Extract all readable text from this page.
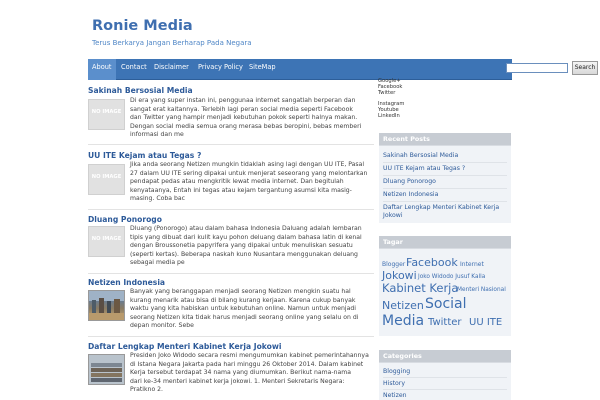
Ronie Media
Terus Berkarya Jangan Berharap Pada Negara
About	Contact	Disclaimer	Privacy Policy SiteMap	Search
Sakinah Bersosial Media
NO IMAGE
Di era yang super instan ini, penggunaa internet sangatlah berperan dan
sangat erat kaitannya. Terlebih lagi peran social media seperti Facebook
dan Twitter yang hampir menjadi kebutuhan pokok seperti halnya makan.
Dengan social media semua orang merasa bebas beropini, bebas memberi
informasi dan me
UU ITE Kejam atau Tegas ?
NO IMAGE
Jika anda seorang Netizen mungkin tidaklah asing lagi dengan UU ITE, Pasal
27 dalam UU ITE sering dipakai untuk menjerat seseorang yang melontarkan
pendapat pedas atau mengkritik lewat media internet. Dan begitulah
kenyataanya, Entah ini tegas atau kejam tergantung asumsi kita masig-
masing. Coba bac
Dluang Ponorogo
NO IMAGE
Dluang (Ponorogo) atau dalam bahasa Indonesia Daluang adalah lembaran
tipis yang dibuat dari kulit kayu pohon deluang dalam bahasa latin di kenal
dengan Broussonetia papyrifera yang dipakai untuk menuliskan sesuatu
(seperti kertas). Beberapa naskah kuno Nusantara menggunakan deluang
sebagai media pe
Netizen Indonesia
Banyak yang beranggapan menjadi seorang Netizen mengkin suatu hal
kurang menarik atau bisa di bilang kurang kerjaan. Karena cukup banyak
waktu yang kita habiskan untuk kebutuhan online. Namun untuk menjadi
seorang Netizen kita tidak harus menjadi seorang online yang selalu on di
depan monitor. Sebe
Daftar Lengkap Menteri Kabinet Kerja Jokowi
Presiden Joko Widodo secara resmi mengumumkan kabinet pemerintahannya
di Istana Negara Jakarta pada hari minggu 26 Oktober 2014. Dalam kabinet
Kerja tersebut terdapat 34 nama yang diumumkan. Berikut nama-nama
dari ke-34 menteri kabinet kerja jokowi. 1. Menteri Sekretaris Negara:
Pratikno 2.
Google+
Facebook
Twitter
Instagram
Youtube
LinkedIn
Recent Posts
Sakinah Bersosial Media
UU ITE Kejam atau Tegas ?
Dluang Ponorogo
Netizen Indonesia
Daftar Lengkap Menteri Kabinet Kerja
Jokowi
Tagar
Blogger Facebook Internet
Jokowi Joko Widodo Jusuf Kalla
Kabinet Kerja
Menteri Nasional
Netizen Social
Media Twitter UU ITE
Categories
Blogging
History
Netizen
